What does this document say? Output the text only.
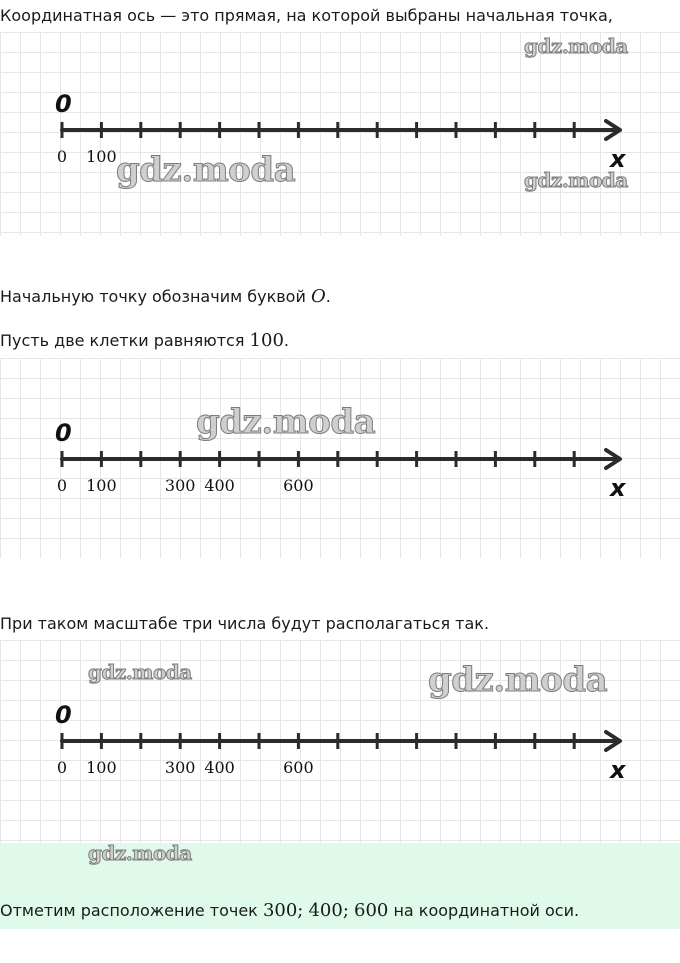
Координатная ось — это прямая, на которой выбраны начальная точка,

0
x
0 100
gdz.moda
gdz.moda	gdz.moda

Начальную точку обозначим буквой O.

Пусть две клетки равняются 100.

0
x
0 100	300 400	600
gdz.moda

При таком масштабе три числа будут располагаться так.

0
x
0 100	300 400	600
gdz.moda	gdz.moda
gdz.moda

Отметим расположение точек 300; 400; 600 на координатной оси.
